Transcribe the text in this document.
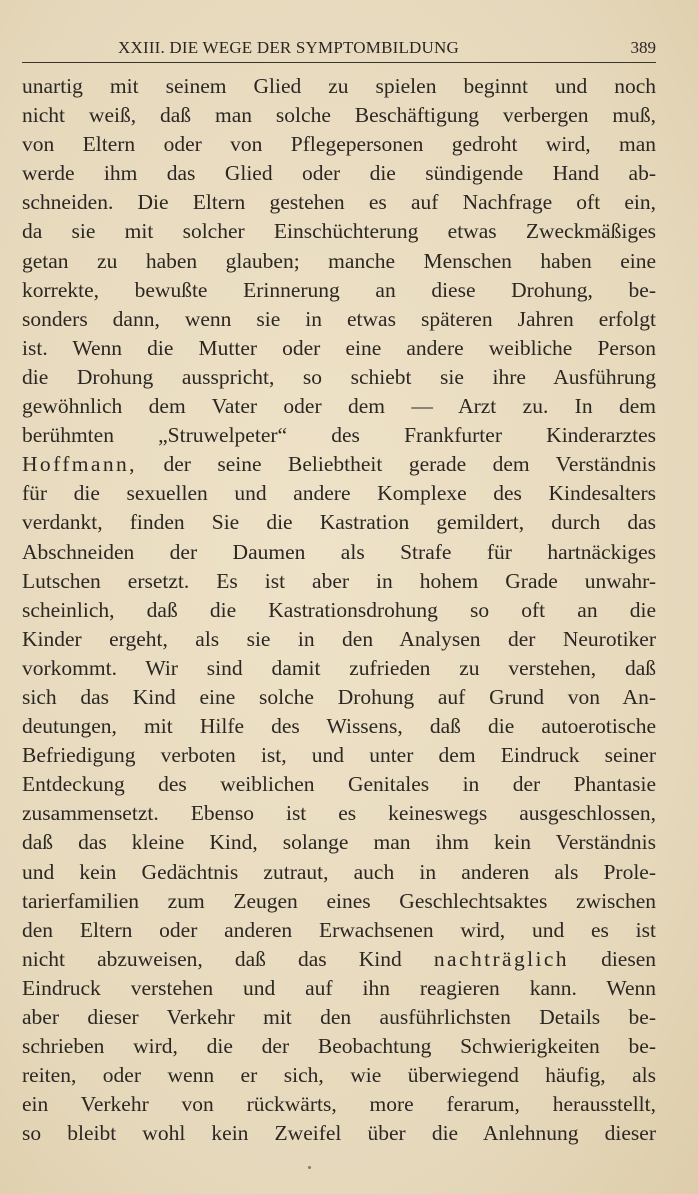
XXIII. DIE WEGE DER SYMPTOMBILDUNG	389
unartig mit seinem Glied zu spielen beginnt und noch
nicht weiß, daß man solche Beschäftigung verbergen muß,
von Eltern oder von Pflegepersonen gedroht wird, man
werde ihm das Glied oder die sündigende Hand ab-
schneiden. Die Eltern gestehen es auf Nachfrage oft ein,
da sie mit solcher Einschüchterung etwas Zweckmäßiges
getan zu haben glauben; manche Menschen haben eine
korrekte, bewußte Erinnerung an diese Drohung, be-
sonders dann, wenn sie in etwas späteren Jahren erfolgt
ist. Wenn die Mutter oder eine andere weibliche Person
die Drohung ausspricht, so schiebt sie ihre Ausführung
gewöhnlich dem Vater oder dem — Arzt zu. In dem
berühmten „Struwelpeter“ des Frankfurter Kinderarztes
Hoffmann, der seine Beliebtheit gerade dem Verständnis
für die sexuellen und andere Komplexe des Kindesalters
verdankt, finden Sie die Kastration gemildert, durch das
Abschneiden der Daumen als Strafe für hartnäckiges
Lutschen ersetzt. Es ist aber in hohem Grade unwahr-
scheinlich, daß die Kastrationsdrohung so oft an die
Kinder ergeht, als sie in den Analysen der Neurotiker
vorkommt. Wir sind damit zufrieden zu verstehen, daß
sich das Kind eine solche Drohung auf Grund von An-
deutungen, mit Hilfe des Wissens, daß die autoerotische
Befriedigung verboten ist, und unter dem Eindruck seiner
Entdeckung des weiblichen Genitales in der Phantasie
zusammensetzt. Ebenso ist es keineswegs ausgeschlossen,
daß das kleine Kind, solange man ihm kein Verständnis
und kein Gedächtnis zutraut, auch in anderen als Prole-
tarierfamilien zum Zeugen eines Geschlechtsaktes zwischen
den Eltern oder anderen Erwachsenen wird, und es ist
nicht abzuweisen, daß das Kind nachträglich diesen
Eindruck verstehen und auf ihn reagieren kann. Wenn
aber dieser Verkehr mit den ausführlichsten Details be-
schrieben wird, die der Beobachtung Schwierigkeiten be-
reiten, oder wenn er sich, wie überwiegend häufig, als
ein Verkehr von rückwärts, more ferarum, herausstellt,
so bleibt wohl kein Zweifel über die Anlehnung dieser
